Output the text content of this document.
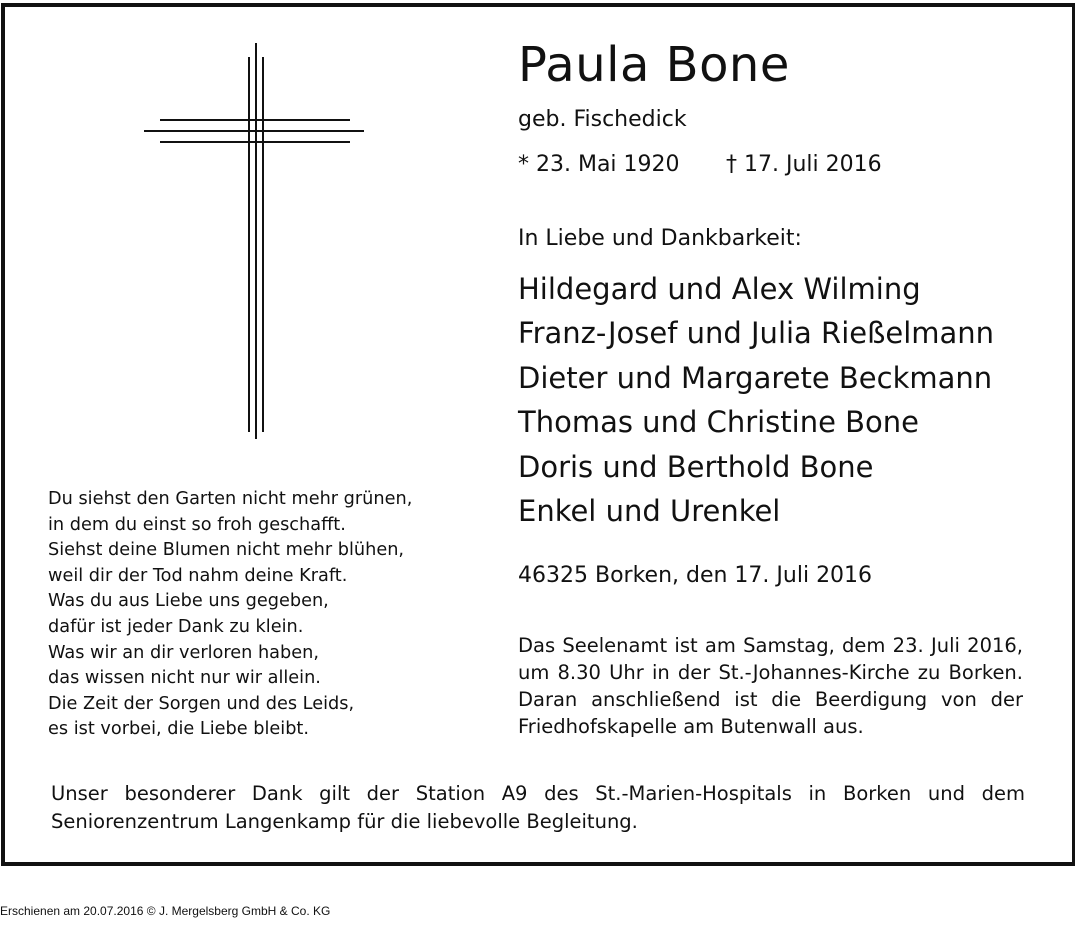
Paula Bone
geb. Fischedick
* 23. Mai 1920 † 17. Juli 2016
In Liebe und Dankbarkeit:
Hildegard und Alex Wilming
Franz-Josef und Julia Rießelmann
Dieter und Margarete Beckmann
Thomas und Christine Bone
Doris und Berthold Bone
Enkel und Urenkel
46325 Borken, den 17. Juli 2016

Das Seelenamt ist am Samstag, dem 23. Juli 2016, um 8.30 Uhr in der St.-Johannes-Kirche zu Borken. Daran anschließend ist die Beerdigung von der Friedhofskapelle am Butenwall aus.

Du siehst den Garten nicht mehr grünen,
in dem du einst so froh geschafft.
Siehst deine Blumen nicht mehr blühen,
weil dir der Tod nahm deine Kraft.
Was du aus Liebe uns gegeben,
dafür ist jeder Dank zu klein.
Was wir an dir verloren haben,
das wissen nicht nur wir allein.
Die Zeit der Sorgen und des Leids,
es ist vorbei, die Liebe bleibt.

Unser besonderer Dank gilt der Station A9 des St.-Marien-Hospitals in Borken und dem Seniorenzentrum Langenkamp für die liebevolle Begleitung.

Erschienen am 20.07.2016 © J. Mergelsberg GmbH & Co. KG
